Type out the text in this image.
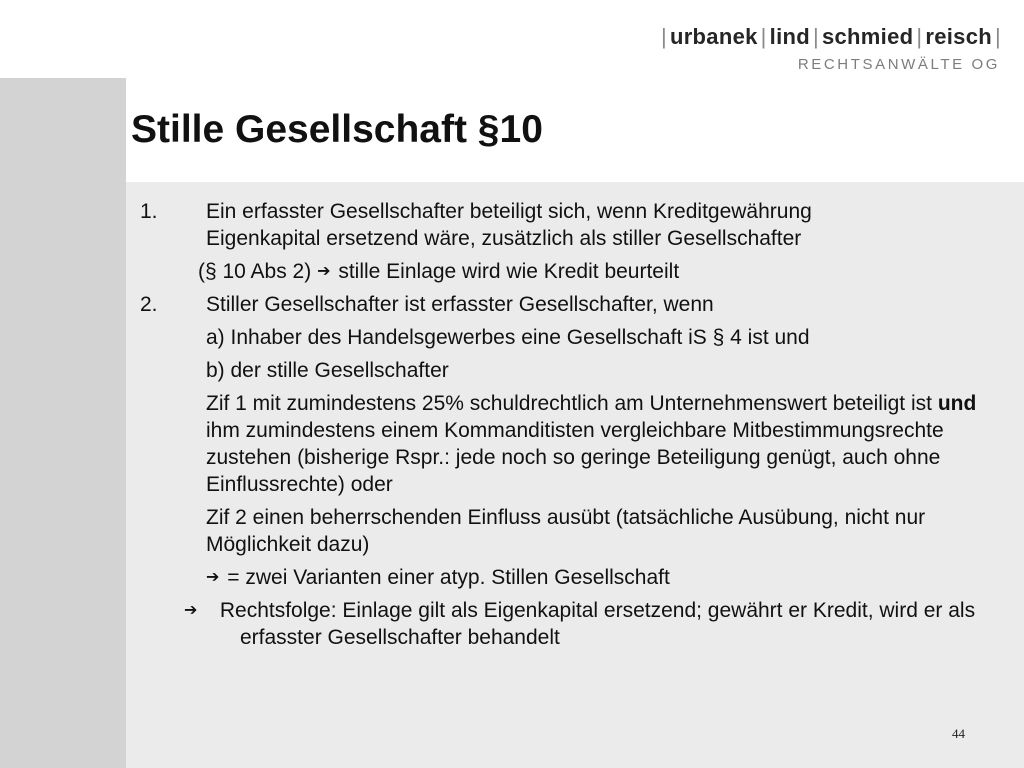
| urbanek | lind | schmied | reisch |
RECHTSANWÄLTE OG
Stille Gesellschaft §10
1.	Ein erfasster Gesellschafter beteiligt sich, wenn Kreditgewährung
Eigenkapital ersetzend wäre, zusätzlich als stiller Gesellschafter
(§ 10 Abs 2) ➔ stille Einlage wird wie Kredit beurteilt
2.	Stiller Gesellschafter ist erfasster Gesellschafter, wenn
a) Inhaber des Handelsgewerbes eine Gesellschaft iS § 4 ist und
b) der stille Gesellschafter
Zif 1 mit zumindestens 25% schuldrechtlich am Unternehmenswert beteiligt ist und ihm zumindestens einem Kommanditisten vergleichbare Mitbestimmungsrechte zustehen (bisherige Rspr.: jede noch so geringe Beteiligung genügt, auch ohne Einflussrechte) oder
Zif 2 einen beherrschenden Einfluss ausübt (tatsächliche Ausübung, nicht nur Möglichkeit dazu)
➔ = zwei Varianten einer atyp. Stillen Gesellschaft
➔ Rechtsfolge: Einlage gilt als Eigenkapital ersetzend; gewährt er Kredit, wird er als erfasster Gesellschafter behandelt
44
